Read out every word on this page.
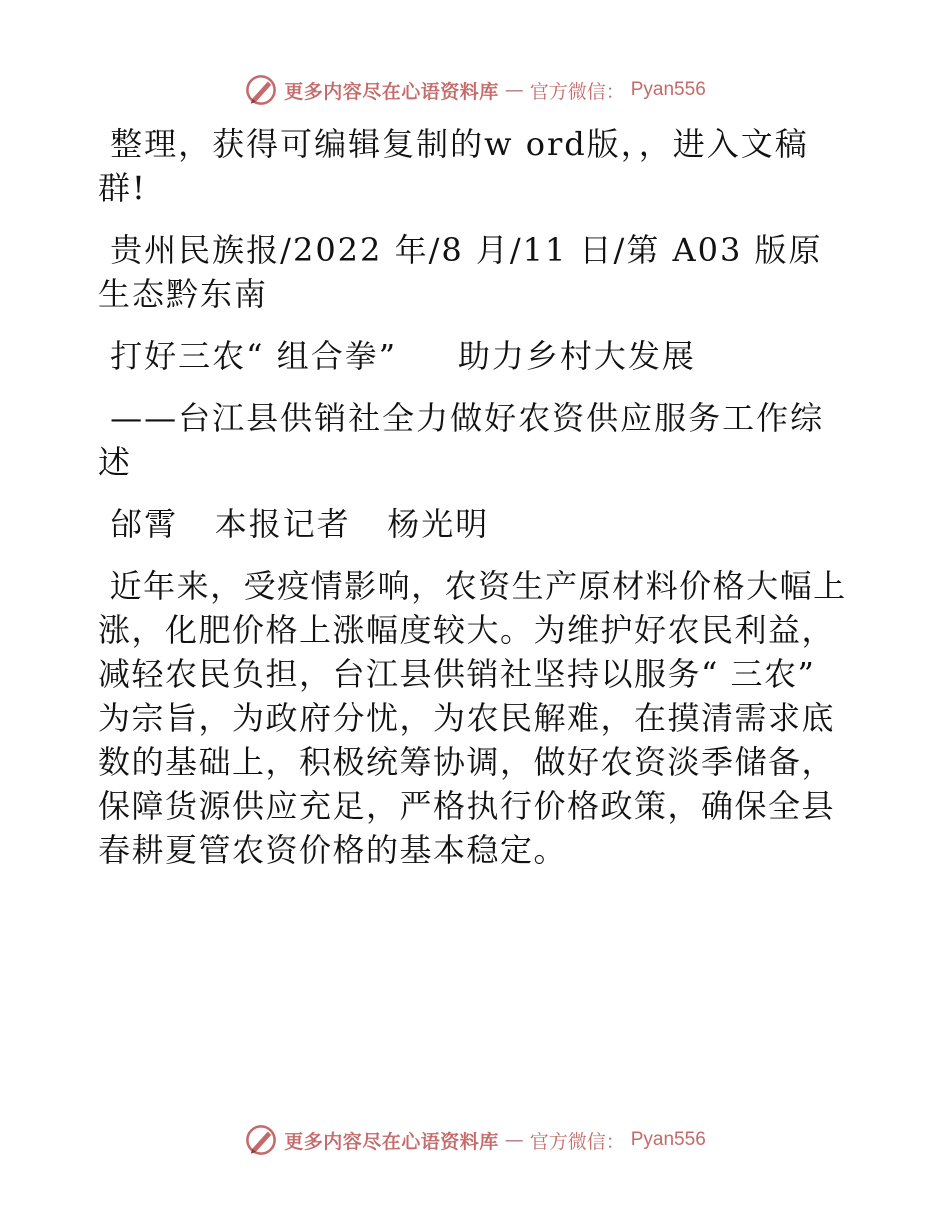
更多内容尽在心语资料库 — 官方微信： Pyan556

整理，获得可编辑复制的w ord版，，进入文稿群!

贵州民族报/2022 年/8 月/11 日/第 A03 版原生态黔东南

打好三农“ 组合拳”     助力乡村大发展

——台江县供销社全力做好农资供应服务工作综述

邰霄   本报记者   杨光明

近年来，受疫情影响，农资生产原材料价格大幅上涨，化肥价格上涨幅度较大。为维护好农民利益，减轻农民负担，台江县供销社坚持以服务“ 三农” 为宗旨，为政府分忧，为农民解难，在摸清需求底数的基础上，积极统筹协调，做好农资淡季储备，保障货源供应充足，严格执行价格政策，确保全县春耕夏管农资价格的基本稳定。

更多内容尽在心语资料库 — 官方微信： Pyan556
